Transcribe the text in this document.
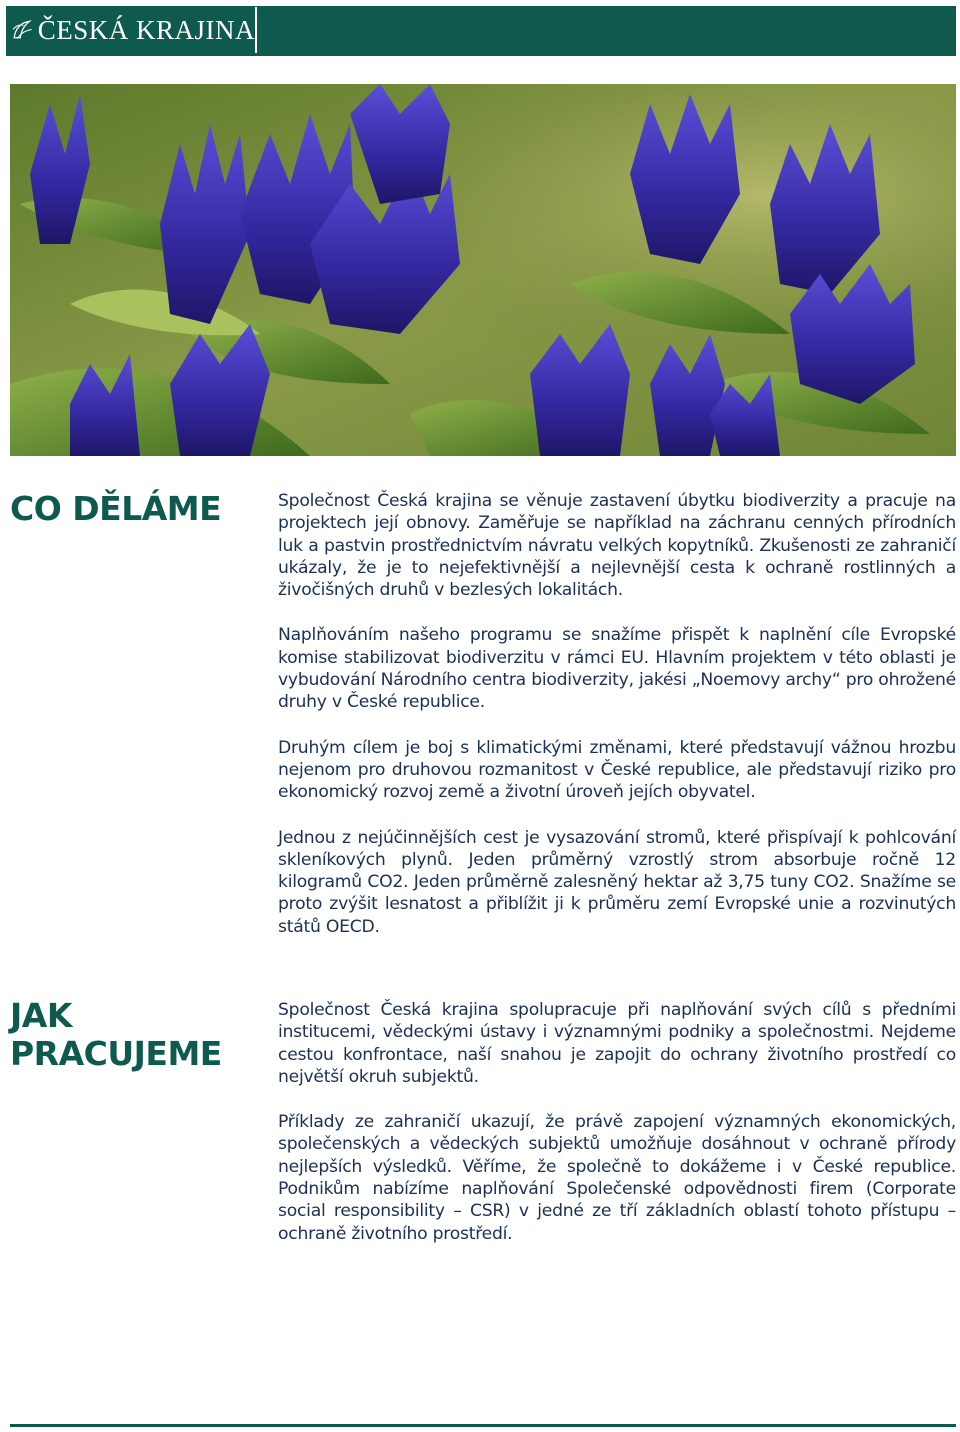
ČESKÁ KRAJINA
CO DĚLÁME	Společnost Česká krajina se věnuje zastavení úbytku biodiverzity a pracuje na projektech její obnovy. Zaměřuje se například na záchranu cenných přírodních luk a pastvin prostřednictvím návratu velkých kopytníků. Zkušenosti ze zahraničí ukázaly, že je to nejefektivnější a nejlevnější cesta k ochraně rostlinných a živočišných druhů v bezlesých lokalitách.

Naplňováním našeho programu se snažíme přispět k naplnění cíle Evropské komise stabilizovat biodiverzitu v rámci EU. Hlavním projektem v této oblasti je vybudování Národního centra biodiverzity, jakési „Noemovy archy“ pro ohrožené druhy v České republice.

Druhým cílem je boj s klimatickými změnami, které představují vážnou hrozbu nejenom pro druhovou rozmanitost v České republice, ale představují riziko pro ekonomický rozvoj země a životní úroveň jejích obyvatel.

Jednou z nejúčinnějších cest je vysazování stromů, které přispívají k pohlcování skleníkových plynů. Jeden průměrný vzrostlý strom absorbuje ročně 12 kilogramů CO2. Jeden průměrně zalesněný hektar až 3,75 tuny CO2. Snažíme se proto zvýšit lesnatost a přiblížit ji k průměru zemí Evropské unie a rozvinutých států OECD.

JAK
PRACUJEME

Společnost Česká krajina spolupracuje při naplňování svých cílů s předními institucemi, vědeckými ústavy i významnými podniky a společnostmi. Nejdeme cestou konfrontace, naší snahou je zapojit do ochrany životního prostředí co největší okruh subjektů.

Příklady ze zahraničí ukazují, že právě zapojení významných ekonomických, společenských a vědeckých subjektů umožňuje dosáhnout v ochraně přírody nejlepších výsledků. Věříme, že společně to dokážeme i v České republice. Podnikům nabízíme naplňování Společenské odpovědnosti firem (Corporate social responsibility – CSR) v jedné ze tří základních oblastí tohoto přístupu – ochraně životního prostředí.
